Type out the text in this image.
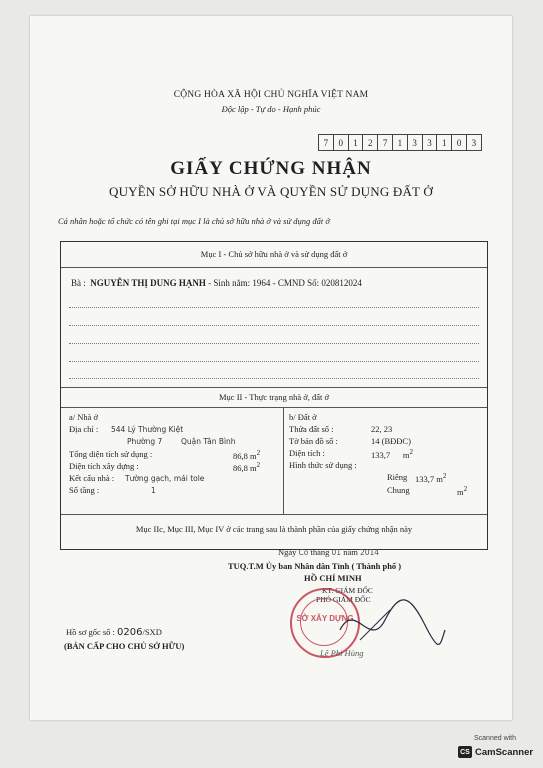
CỘNG HÒA XÃ HỘI CHỦ NGHĨA VIỆT NAM
Độc lập - Tự do - Hạnh phúc
7	0	1	2	7	1	3	3	1	0	3
GIẤY CHỨNG NHẬN
QUYỀN SỞ HỮU NHÀ Ở VÀ QUYỀN SỬ DỤNG ĐẤT Ở
Cá nhân hoặc tổ chức có tên ghi tại mục I là chủ sở hữu nhà ở và sử dụng đất ở
Mục I - Chủ sở hữu nhà ở và sử dụng đất ở
Bà :  NGUYỄN THỊ DUNG HẠNH - Sinh năm: 1964 - CMND Số: 020812024
Mục II - Thực trạng nhà ở, đất ở
a/ Nhà ở
Địa chỉ : 544 Lý Thường Kiệt
Phường 7 Quận Tân Bình
Tổng diện tích sử dụng :	86,8 $m^2$
Diện tích xây dựng :	86,8 $m^2$
Kết cấu nhà : Tường gạch, mái tole
Số tầng :	1
b/ Đất ở
Thửa đất số :	22, 23
Tờ bản đồ số :	14 (BĐĐC)
Diện tích :	133,7 $m^2$
Hình thức sử dụng :
Riêng 133,7 $m^2$
Chung	$m^2$
Mục IIc, Mục III, Mục IV ở các trang sau là thành phần của giấy chứng nhận này
Ngày Co tháng 01 năm 2014
TUQ.T.M Ủy ban Nhân dân Tỉnh ( Thành phố )
HỒ CHÍ MINH
KT. GIÁM ĐỐC
PHÓ GIÁM ĐỐC
SỞ XÂY DỰNG
Lê Phi Hùng
Hồ sơ gốc số : 0206/SXD
(BẢN CẤP CHO CHỦ SỞ HỮU)
Scanned with
CS CamScanner
